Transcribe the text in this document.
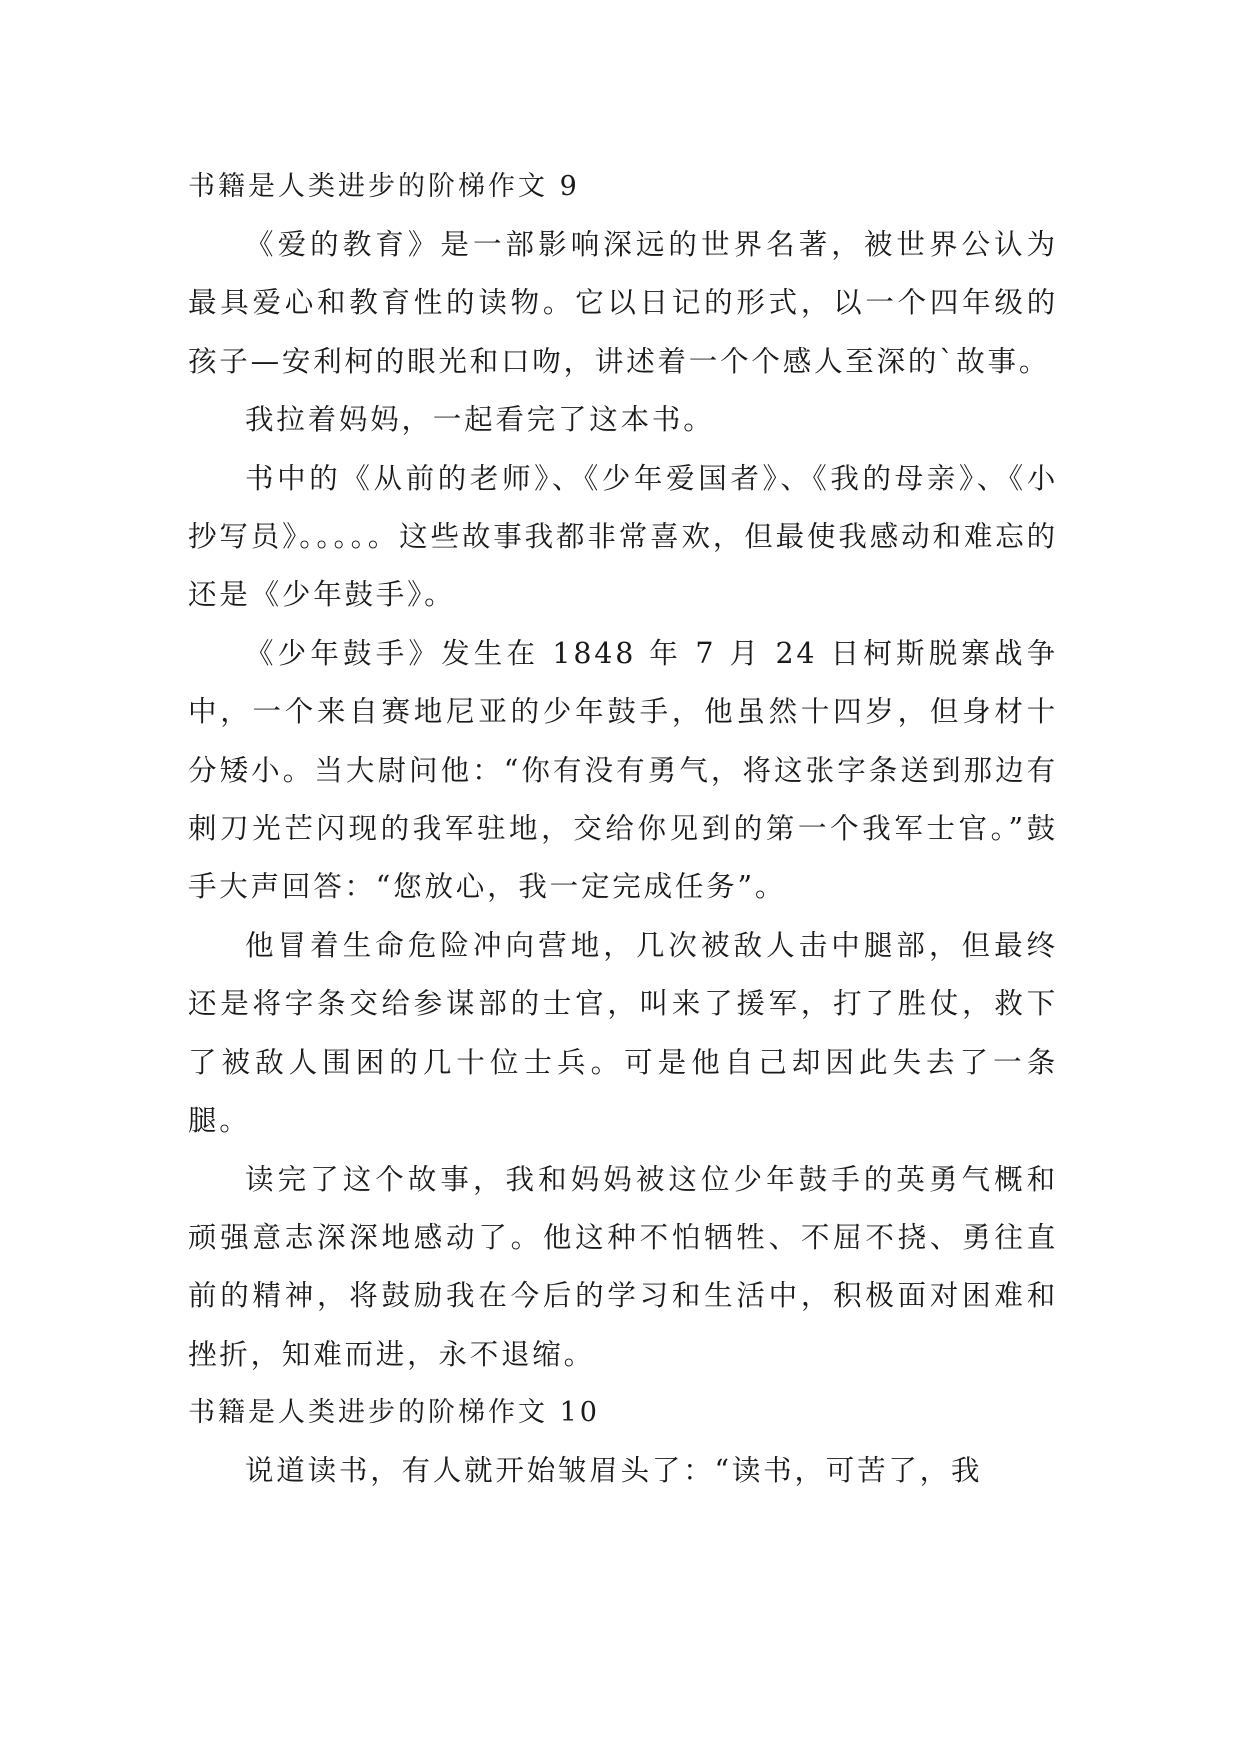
书籍是人类进步的阶梯作文 9

《爱的教育》是一部影响深远的世界名著，被世界公认为最具爱心和教育性的读物。它以日记的形式，以一个四年级的孩子—安利柯的眼光和口吻，讲述着一个个感人至深的`故事。

我拉着妈妈，一起看完了这本书。

书中的《从前的老师》、《少年爱国者》、《我的母亲》、《小抄写员》。。。。。这些故事我都非常喜欢，但最使我感动和难忘的还是《少年鼓手》。

《少年鼓手》发生在 1848 年 7 月 24 日柯斯脱寨战争中，一个来自赛地尼亚的少年鼓手，他虽然十四岁，但身材十分矮小。当大尉问他：“你有没有勇气，将这张字条送到那边有刺刀光芒闪现的我军驻地，交给你见到的第一个我军士官。”鼓手大声回答：“您放心，我一定完成任务”。

他冒着生命危险冲向营地，几次被敌人击中腿部，但最终还是将字条交给参谋部的士官，叫来了援军，打了胜仗，救下了被敌人围困的几十位士兵。可是他自己却因此失去了一条腿。

读完了这个故事，我和妈妈被这位少年鼓手的英勇气概和顽强意志深深地感动了。他这种不怕牺牲、不屈不挠、勇往直前的精神，将鼓励我在今后的学习和生活中，积极面对困难和挫折，知难而进，永不退缩。

书籍是人类进步的阶梯作文 10

说道读书，有人就开始皱眉头了：“读书，可苦了，我
